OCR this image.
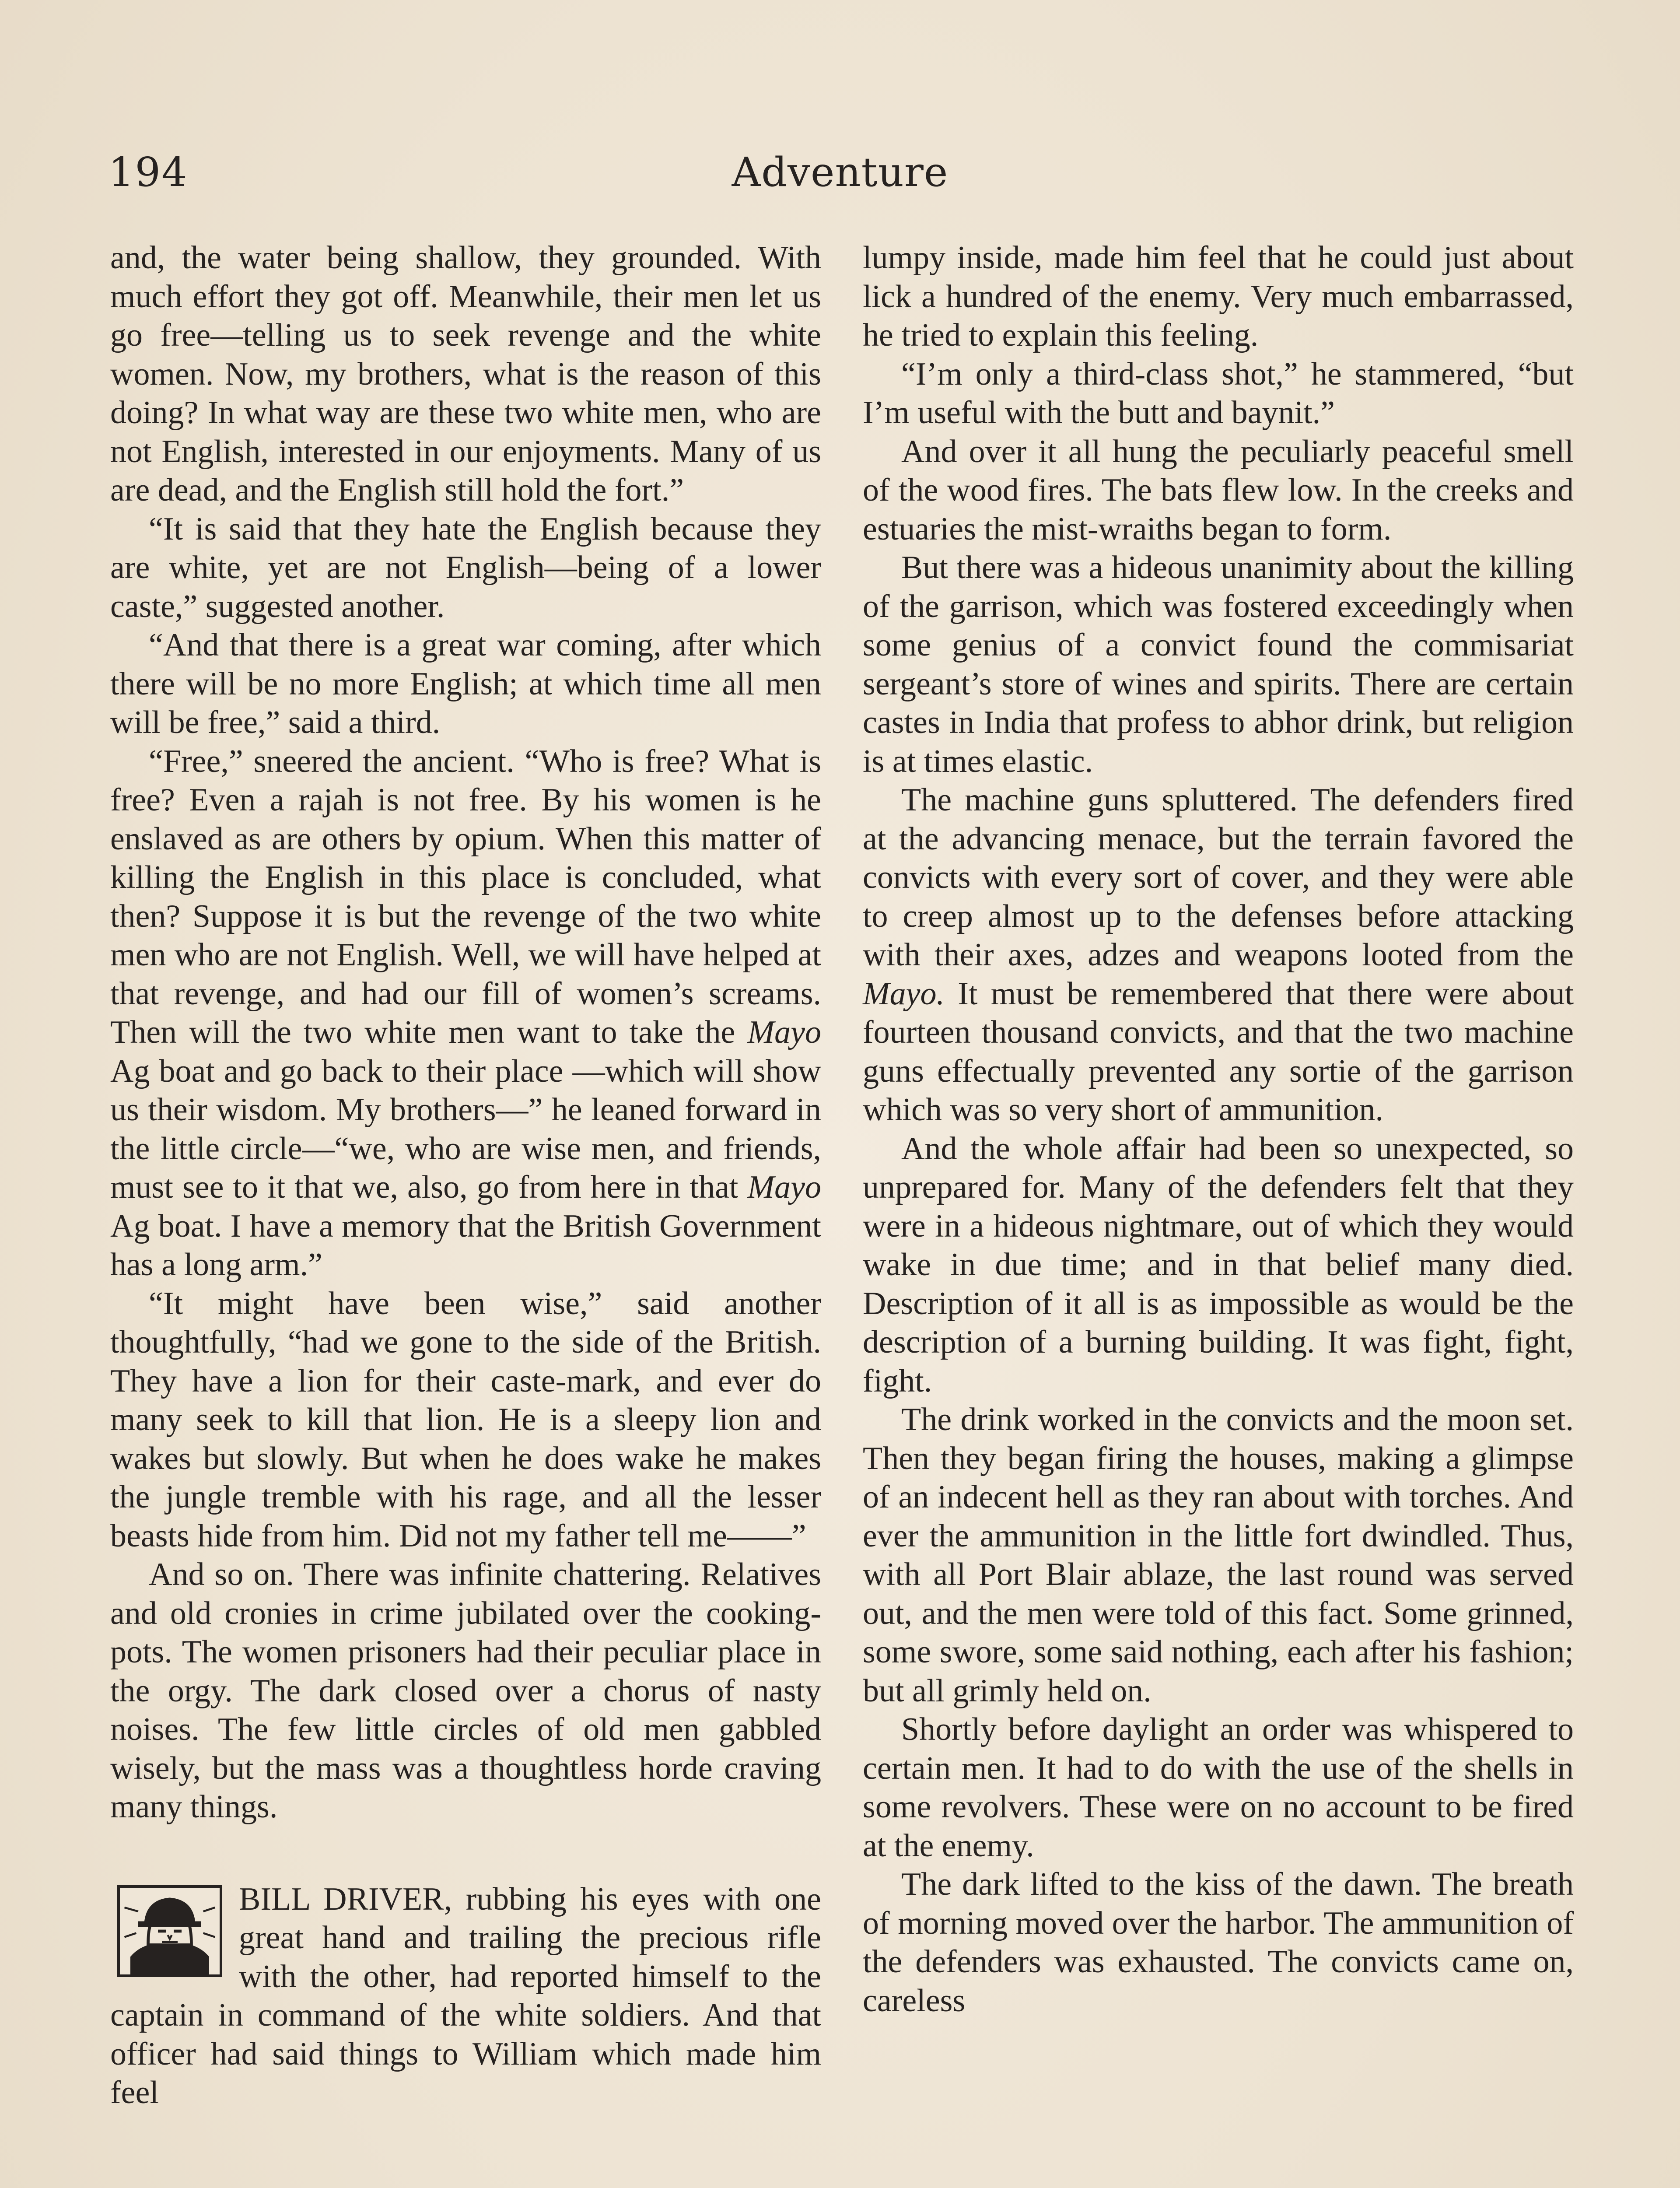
194	Adventure

and, the water being shallow, they grounded. With much effort they got off. Meanwhile, their men let us go free—telling us to seek revenge and the white women. Now, my brothers, what is the reason of this doing? In what way are these two white men, who are not English, interested in our enjoyments. Many of us are dead, and the English still hold the fort.”

“It is said that they hate the English because they are white, yet are not English—being of a lower caste,” suggested another.

“And that there is a great war coming, after which there will be no more English; at which time all men will be free,” said a third.

“Free,” sneered the ancient. “Who is free? What is free? Even a rajah is not free. By his women is he enslaved as are others by opium. When this matter of killing the English in this place is concluded, what then? Suppose it is but the revenge of the two white men who are not English. Well, we will have helped at that revenge, and had our fill of women’s screams. Then will the two white men want to take the Mayo Ag boat and go back to their place —which will show us their wisdom. My brothers—” he leaned forward in the little circle—“we, who are wise men, and friends, must see to it that we, also, go from here in that Mayo Ag boat. I have a memory that the British Government has a long arm.”

“It might have been wise,” said another thoughtfully, “had we gone to the side of the British. They have a lion for their caste-mark, and ever do many seek to kill that lion. He is a sleepy lion and wakes but slowly. But when he does wake he makes the jungle tremble with his rage, and all the lesser beasts hide from him. Did not my father tell me——”

And so on. There was infinite chattering. Relatives and old cronies in crime jubilated over the cooking-pots. The women prisoners had their peculiar place in the orgy. The dark closed over a chorus of nasty noises. The few little circles of old men gabbled wisely, but the mass was a thoughtless horde craving many things.

BILL DRIVER, rubbing his eyes with one great hand and trailing the precious rifle with the other, had reported himself to the captain in command of the white soldiers. And that officer had said things to William which made him feel

lumpy inside, made him feel that he could just about lick a hundred of the enemy. Very much embarrassed, he tried to explain this feeling.

“I’m only a third-class shot,” he stammered, “but I’m useful with the butt and baynit.”

And over it all hung the peculiarly peaceful smell of the wood fires. The bats flew low. In the creeks and estuaries the mist-wraiths began to form.

But there was a hideous unanimity about the killing of the garrison, which was fostered exceedingly when some genius of a convict found the commisariat sergeant’s store of wines and spirits. There are certain castes in India that profess to abhor drink, but religion is at times elastic.

The machine guns spluttered. The defenders fired at the advancing menace, but the terrain favored the convicts with every sort of cover, and they were able to creep almost up to the defenses before attacking with their axes, adzes and weapons looted from the Mayo. It must be remembered that there were about fourteen thousand convicts, and that the two machine guns effectually prevented any sortie of the garrison which was so very short of ammunition.

And the whole affair had been so unexpected, so unprepared for. Many of the defenders felt that they were in a hideous nightmare, out of which they would wake in due time; and in that belief many died. Description of it all is as impossible as would be the description of a burning building. It was fight, fight, fight.

The drink worked in the convicts and the moon set. Then they began firing the houses, making a glimpse of an indecent hell as they ran about with torches. And ever the ammunition in the little fort dwindled. Thus, with all Port Blair ablaze, the last round was served out, and the men were told of this fact. Some grinned, some swore, some said nothing, each after his fashion; but all grimly held on.

Shortly before daylight an order was whispered to certain men. It had to do with the use of the shells in some revolvers. These were on no account to be fired at the enemy.

The dark lifted to the kiss of the dawn. The breath of morning moved over the harbor. The ammunition of the defenders was exhausted. The convicts came on, careless
